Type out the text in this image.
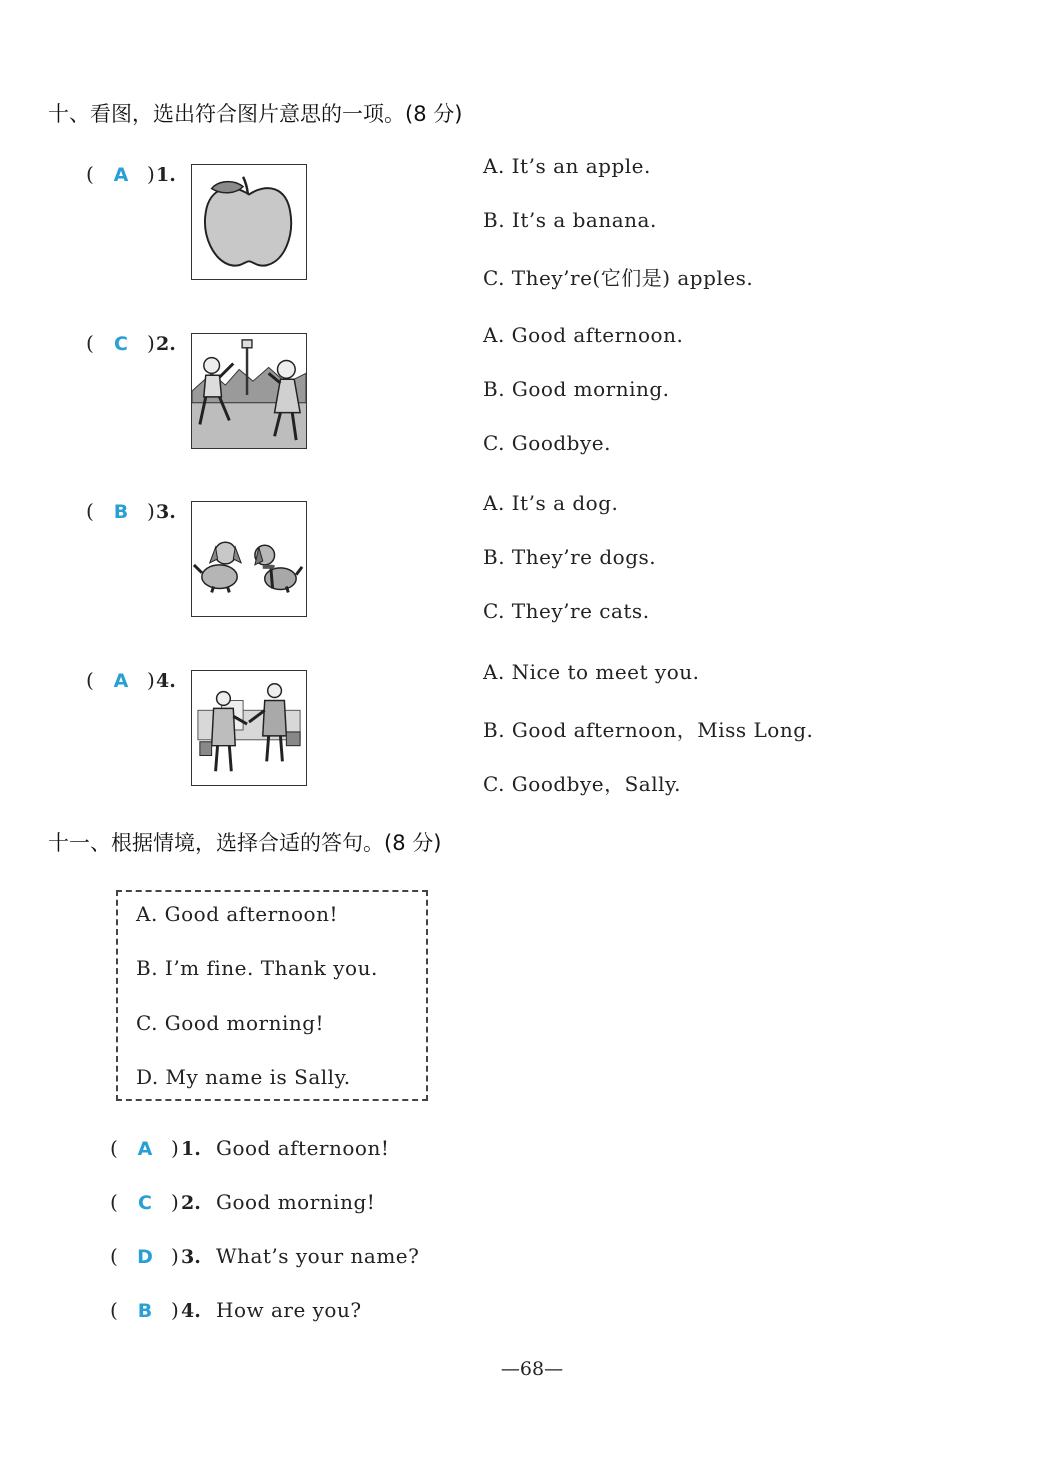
十、看图，选出符合图片意思的一项。(8 分)
(	A ) 1.	A. It’s an apple.
B. It’s a banana.
C. They’re(它们是) apples.
(	C ) 2.	A. Good afternoon.
B. Good morning.
C. Goodbye.
(	B ) 3.	A. It’s a dog.
B. They’re dogs.
C. They’re cats.
(	A ) 4.	A. Nice to meet you.
B. Good afternoon，Miss Long.
C. Goodbye，Sally.
十一、根据情境，选择合适的答句。(8 分)
A. Good afternoon!
B. I’m fine. Thank you.
C. Good morning!
D. My name is Sally.
(	A ) 1. Good afternoon!
(	C ) 2. Good morning!
(	D ) 3. What’s your name?
(	B ) 4. How are you?
—68—
